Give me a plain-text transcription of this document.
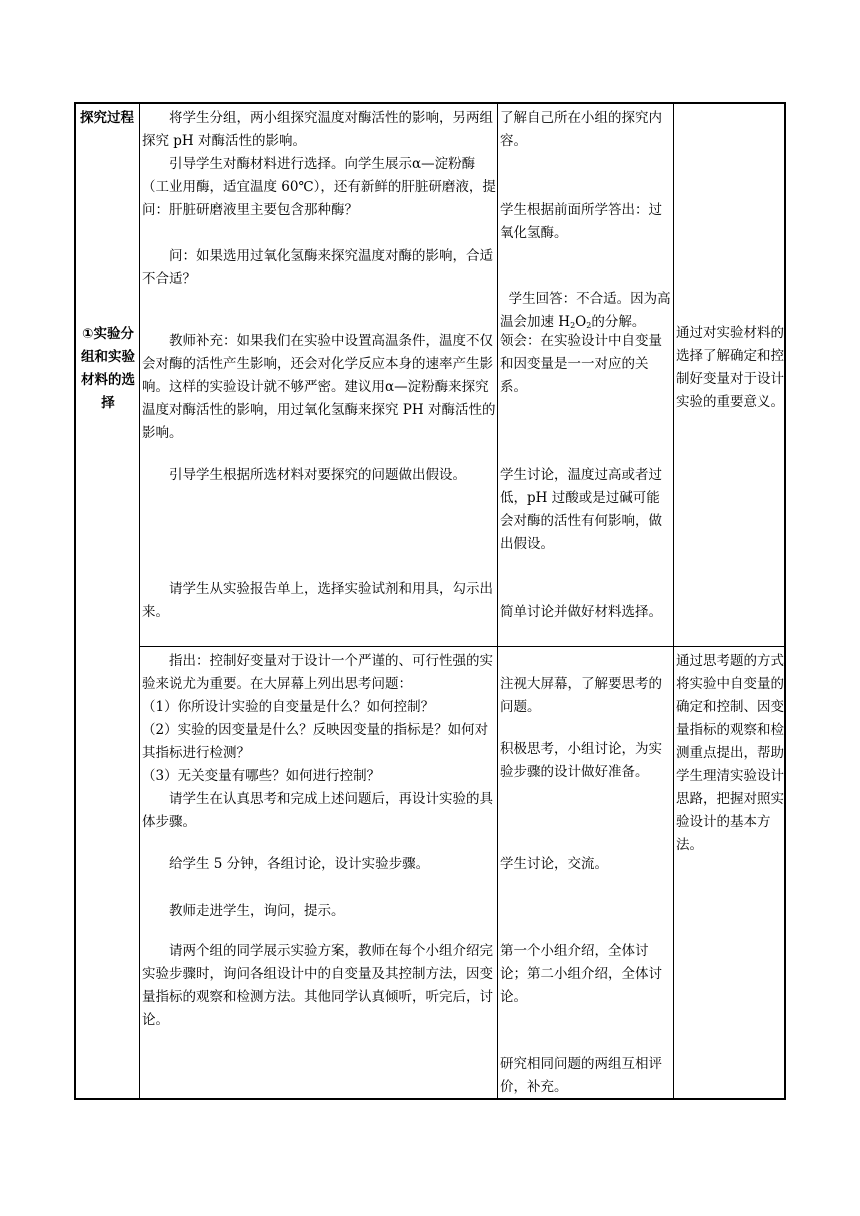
探究过程
①实验分组和实验材料的选择
将学生分组，两小组探究温度对酶活性的影响，另两组探究 pH 对酶活性的影响。
引导学生对酶材料进行选择。向学生展示α—淀粉酶（工业用酶，适宜温度 60℃），还有新鲜的肝脏研磨液，提问：肝脏研磨液里主要包含那种酶？
问：如果选用过氧化氢酶来探究温度对酶的影响，合适不合适？
教师补充：如果我们在实验中设置高温条件，温度不仅会对酶的活性产生影响，还会对化学反应本身的速率产生影响。这样的实验设计就不够严密。建议用α—淀粉酶来探究温度对酶活性的影响，用过氧化氢酶来探究 PH 对酶活性的影响。
引导学生根据所选材料对要探究的问题做出假设。
请学生从实验报告单上，选择实验试剂和用具，勾示出来。
了解自己所在小组的探究内容。
学生根据前面所学答出：过氧化氢酶。

学生回答：不合适。因为高温会加速 $H_2O_2$的分解。

领会：在实验设计中自变量和因变量是一一对应的关系。
学生讨论，温度过高或者过低，pH 过酸或是过碱可能会对酶的活性有何影响，做出假设。
简单讨论并做好材料选择。
通过对实验材料的选择了解确定和控制好变量对于设计实验的重要意义。
指出：控制好变量对于设计一个严谨的、可行性强的实验来说尤为重要。在大屏幕上列出思考问题：
（1）你所设计实验的自变量是什么？如何控制？
（2）实验的因变量是什么？反映因变量的指标是？如何对其指标进行检测？
（3）无关变量有哪些？如何进行控制？
请学生在认真思考和完成上述问题后，再设计实验的具体步骤。
给学生 5 分钟，各组讨论，设计实验步骤。
教师走进学生，询问，提示。
请两个组的同学展示实验方案，教师在每个小组介绍完实验步骤时，询问各组设计中的自变量及其控制方法，因变量指标的观察和检测方法。其他同学认真倾听，听完后，讨论。
注视大屏幕，了解要思考的问题。
积极思考，小组讨论，为实验步骤的设计做好准备。
学生讨论，交流。
第一个小组介绍，全体讨论；第二小组介绍，全体讨论。
研究相同问题的两组互相评价，补充。
通过思考题的方式将实验中自变量的确定和控制、因变量指标的观察和检测重点提出，帮助学生理清实验设计思路，把握对照实验设计的基本方法。
